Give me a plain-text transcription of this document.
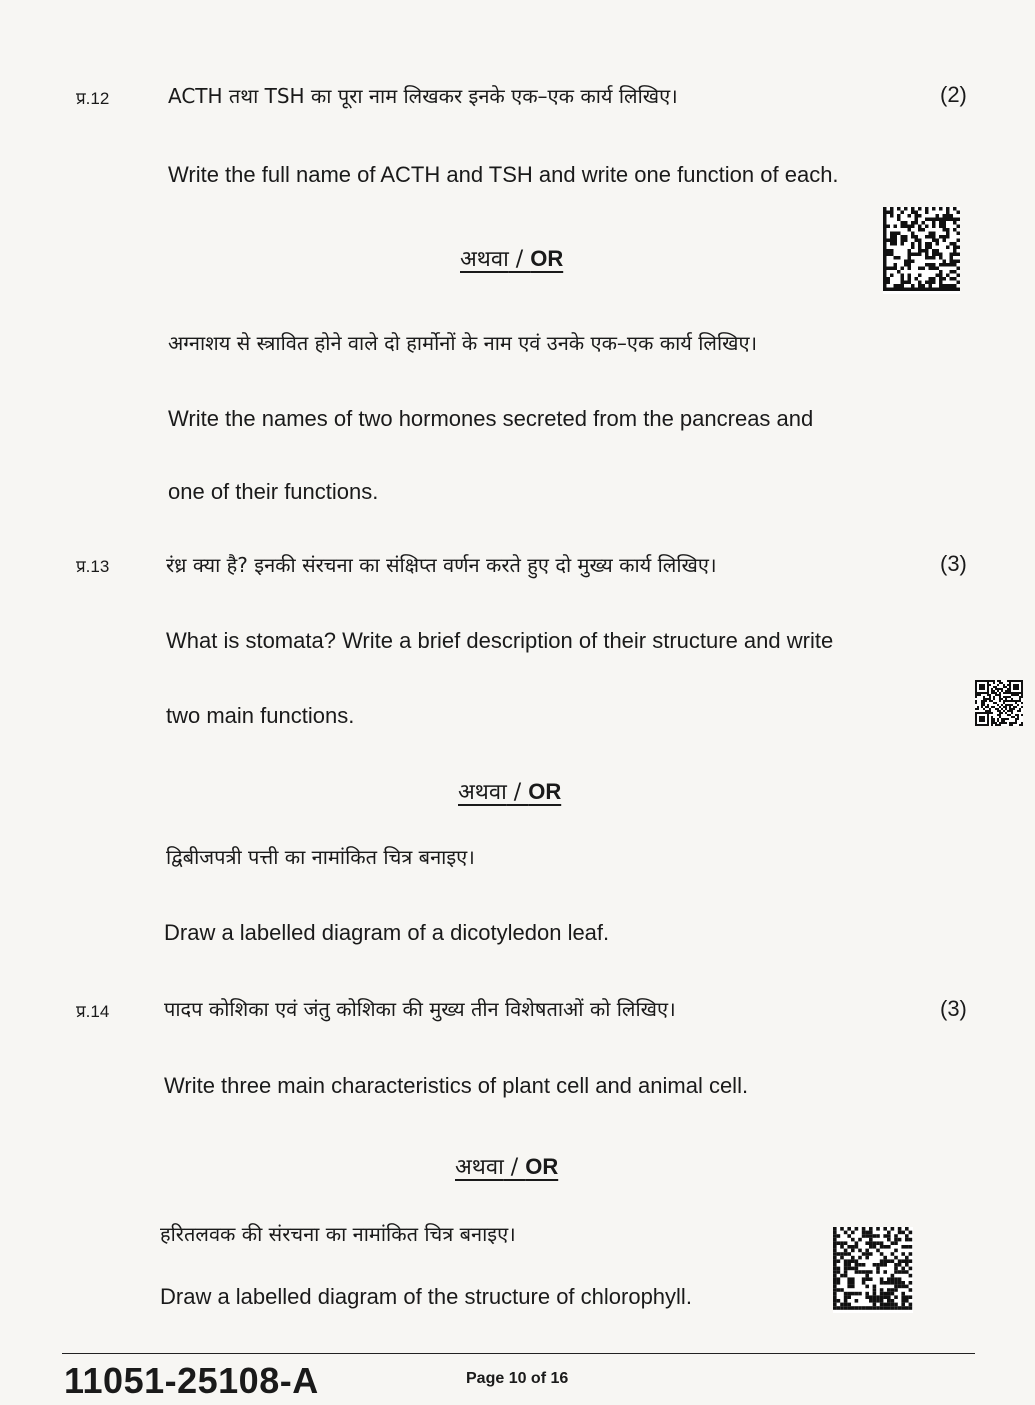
प्र.12	ACTH तथा TSH का पूरा नाम लिखकर इनके एक–एक कार्य लिखिए।	(2)
Write the full name of ACTH and TSH and write one function of each.
अथवा / OR
अग्नाशय से स्त्रावित होने वाले दो हार्मोनों के नाम एवं उनके एक–एक कार्य लिखिए।
Write the names of two hormones secreted from the pancreas and
one of their functions.
प्र.13	रंध्र क्या है? इनकी संरचना का संक्षिप्त वर्णन करते हुए दो मुख्य कार्य लिखिए।	(3)
What is stomata? Write a brief description of their structure and write
two main functions.
अथवा / OR
द्विबीजपत्री पत्ती का नामांकित चित्र बनाइए।
Draw a labelled diagram of a dicotyledon leaf.
प्र.14	पादप कोशिका एवं जंतु कोशिका की मुख्य तीन विशेषताओं को लिखिए।	(3)
Write three main characteristics of plant cell and animal cell.
अथवा / OR
हरितलवक की संरचना का नामांकित चित्र बनाइए।
Draw a labelled diagram of the structure of chlorophyll.
11051-25108-A	Page 10 of 16
